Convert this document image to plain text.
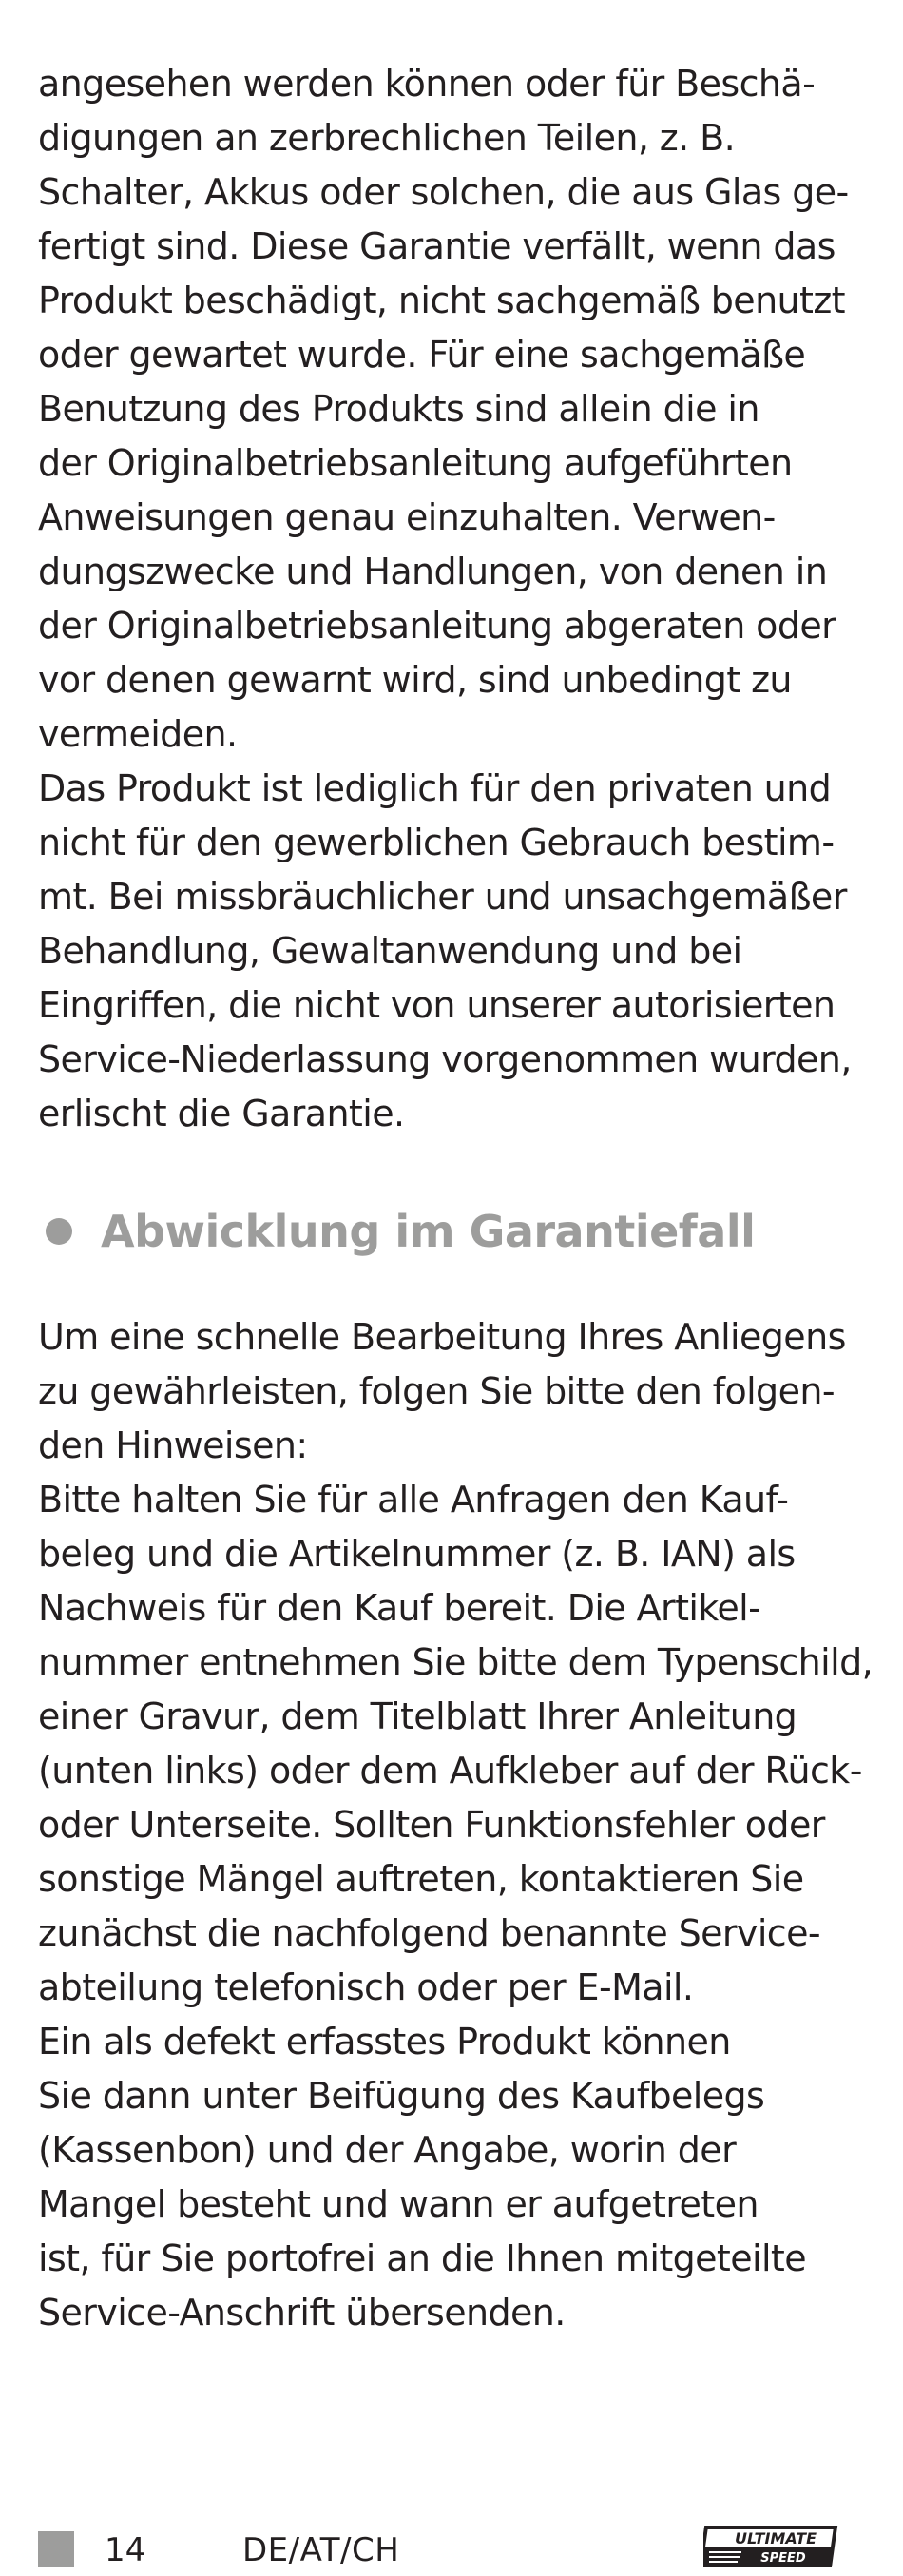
angesehen werden können oder für Beschä-
digungen an zerbrechlichen Teilen, z. B.
Schalter, Akkus oder solchen, die aus Glas ge-
fertigt sind. Diese Garantie verfällt, wenn das
Produkt beschädigt, nicht sachgemäß benutzt
oder gewartet wurde. Für eine sachgemäße
Benutzung des Produkts sind allein die in
der Originalbetriebsanleitung aufgeführten
Anweisungen genau einzuhalten. Verwen-
dungszwecke und Handlungen, von denen in
der Originalbetriebsanleitung abgeraten oder
vor denen gewarnt wird, sind unbedingt zu
vermeiden.
Das Produkt ist lediglich für den privaten und
nicht für den gewerblichen Gebrauch bestim-
mt. Bei missbräuchlicher und unsachgemäßer
Behandlung, Gewaltanwendung und bei
Eingriffen, die nicht von unserer autorisierten
Service-Niederlassung vorgenommen wurden,
erlischt die Garantie.
Abwicklung im Garantiefall
Um eine schnelle Bearbeitung Ihres Anliegens
zu gewährleisten, folgen Sie bitte den folgen-
den Hinweisen:
Bitte halten Sie für alle Anfragen den Kauf-
beleg und die Artikelnummer (z. B. IAN) als
Nachweis für den Kauf bereit. Die Artikel-
nummer entnehmen Sie bitte dem Typenschild,
einer Gravur, dem Titelblatt Ihrer Anleitung
(unten links) oder dem Aufkleber auf der Rück-
oder Unterseite. Sollten Funktionsfehler oder
sonstige Mängel auftreten, kontaktieren Sie
zunächst die nachfolgend benannte Service-
abteilung telefonisch oder per E-Mail.
Ein als defekt erfasstes Produkt können
Sie dann unter Beifügung des Kaufbelegs
(Kassenbon) und der Angabe, worin der
Mangel besteht und wann er aufgetreten
ist, für Sie portofrei an die Ihnen mitgeteilte
Service-Anschrift übersenden.
14	DE/AT/CH	ULTIMATE
SPEED
